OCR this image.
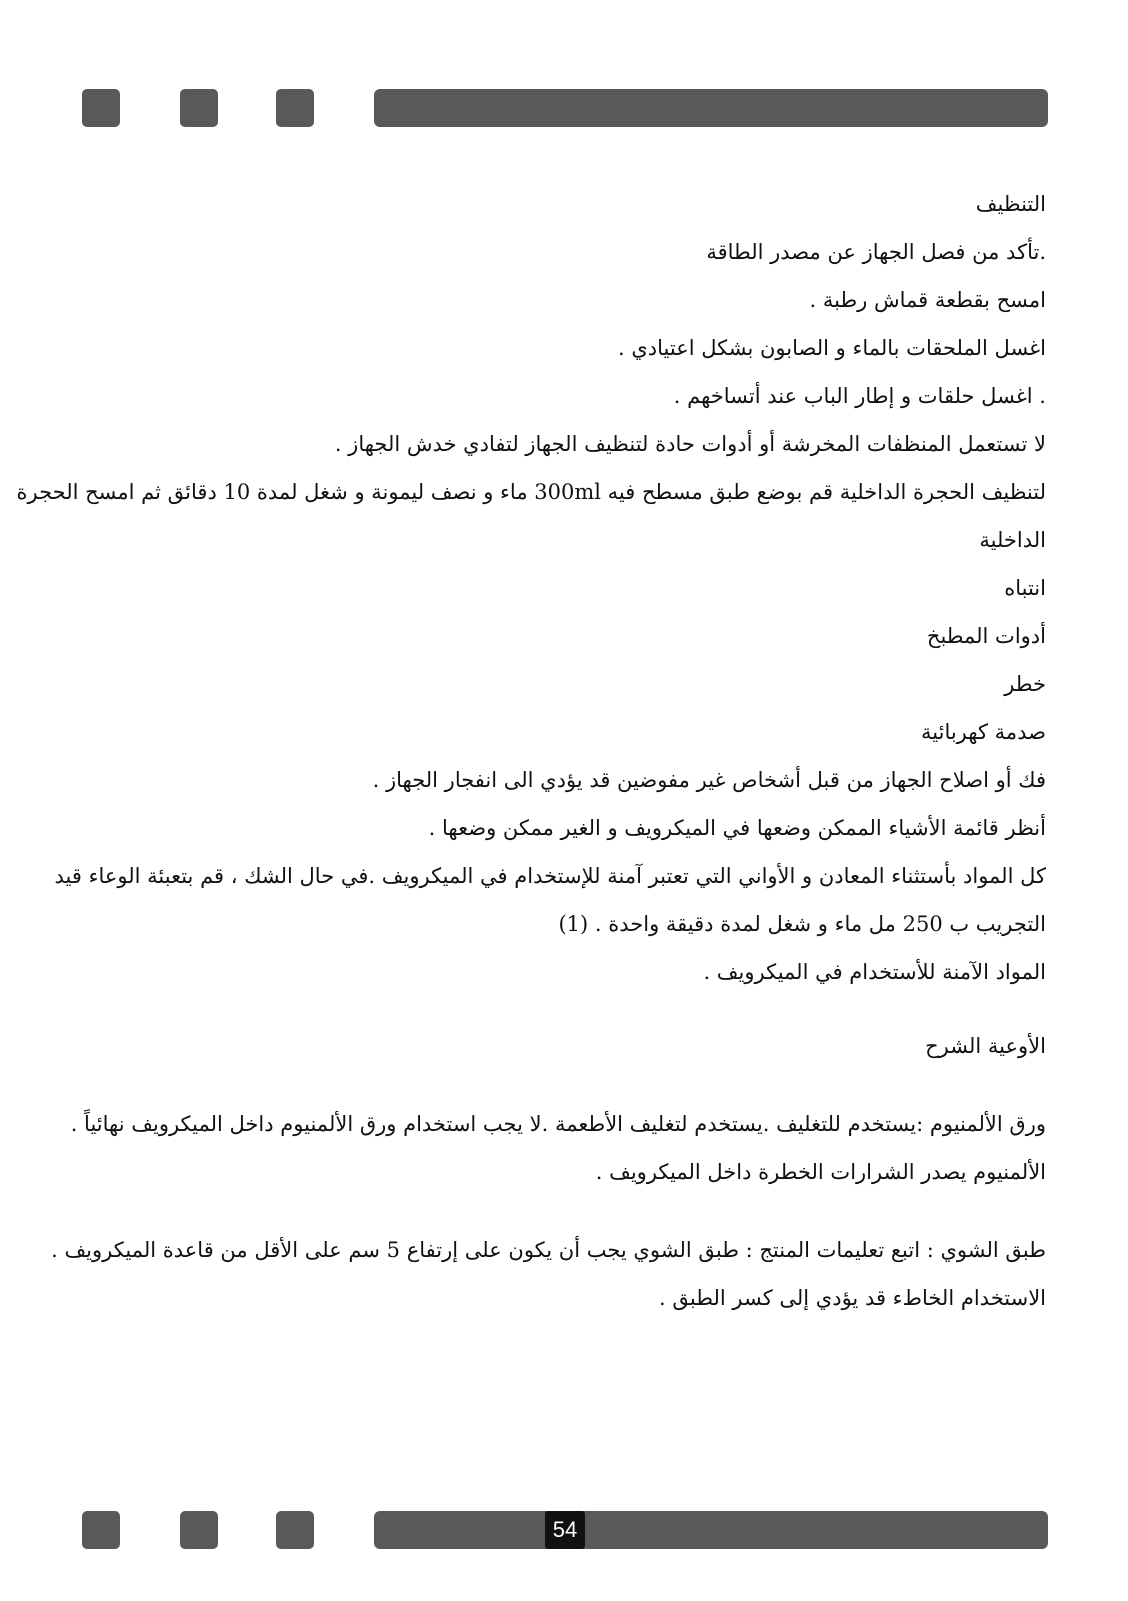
التنظيف
.تأكد من فصل الجهاز عن مصدر الطاقة
امسح بقطعة قماش رطبة .
اغسل الملحقات بالماء و الصابون بشكل اعتيادي .
. اغسل حلقات و إطار الباب عند أتساخهم .
لا تستعمل المنظفات المخرشة أو أدوات حادة لتنظيف الجهاز لتفادي خدش الجهاز .
لتنظيف الحجرة الداخلية قم بوضع طبق مسطح فيه 300ml ماء و نصف ليمونة و شغل لمدة 10 دقائق ثم امسح الحجرة
الداخلية
انتباه
أدوات المطبخ
خطر
صدمة كهربائية
فك أو اصلاح الجهاز من قبل أشخاص غير مفوضين قد يؤدي الى انفجار الجهاز .
أنظر قائمة الأشياء الممكن وضعها في الميكرويف و الغير ممكن وضعها .
كل المواد بأستثناء المعادن و الأواني التي تعتبر آمنة للإستخدام في الميكرويف .في حال الشك ، قم بتعبئة الوعاء قيد
التجريب ب 250 مل ماء و شغل لمدة دقيقة واحدة . (1)
المواد الآمنة للأستخدام في الميكرويف .
الأوعية الشرح
ورق الألمنيوم :يستخدم للتغليف .يستخدم لتغليف الأطعمة .لا يجب استخدام ورق الألمنيوم داخل الميكرويف نهائياً .
الألمنيوم يصدر الشرارات الخطرة داخل الميكرويف .
طبق الشوي : اتبع تعليمات المنتج : طبق الشوي يجب أن يكون على إرتفاع 5 سم على الأقل من قاعدة الميكرويف .
الاستخدام الخاطء قد يؤدي إلى كسر الطبق .
54
